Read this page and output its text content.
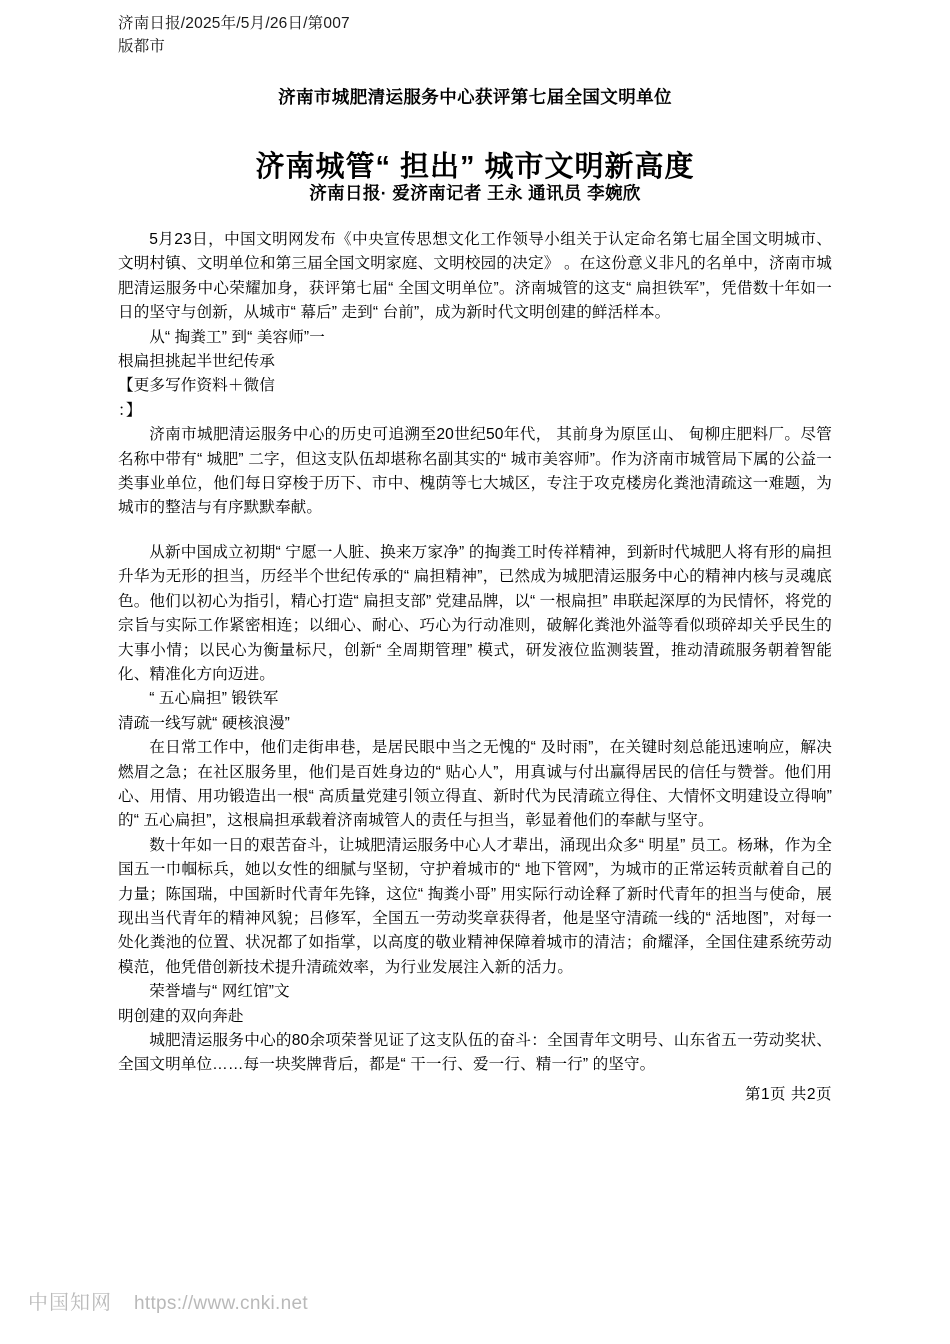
济南日报/2025年/5月/26日/第007
版都市
济南市城肥清运服务中心获评第七届全国文明单位
济南城管“ 担出” 城市文明新高度
济南日报· 爱济南记者 王永 通讯员 李婉欣

5月23日，中国文明网发布《中央宣传思想文化工作领导小组关于认定命名第七届全国文明城市、文明村镇、文明单位和第三届全国文明家庭、文明校园的决定》 。在这份意义非凡的名单中，济南市城肥清运服务中心荣耀加身，获评第七届“ 全国文明单位”。济南城管的这支“ 扁担铁军”，凭借数十年如一日的坚守与创新，从城市“ 幕后” 走到“ 台前”，成为新时代文明创建的鲜活样本。

从“ 掏粪工” 到“ 美容师”一

根扁担挑起半世纪传承

【更多写作资料＋微信

：】

济南市城肥清运服务中心的历史可追溯至20世纪50年代， 其前身为原匡山、 甸柳庄肥料厂。尽管名称中带有“ 城肥” 二字，但这支队伍却堪称名副其实的“ 城市美容师”。作为济南市城管局下属的公益一类事业单位，他们每日穿梭于历下、市中、槐荫等七大城区，专注于攻克楼房化粪池清疏这一难题，为城市的整洁与有序默默奉献。

从新中国成立初期“ 宁愿一人脏、换来万家净” 的掏粪工时传祥精神，到新时代城肥人将有形的扁担升华为无形的担当，历经半个世纪传承的“ 扁担精神”，已然成为城肥清运服务中心的精神内核与灵魂底色。他们以初心为指引，精心打造“ 扁担支部” 党建品牌，以“ 一根扁担” 串联起深厚的为民情怀，将党的宗旨与实际工作紧密相连；以细心、耐心、巧心为行动准则，破解化粪池外溢等看似琐碎却关乎民生的大事小情；以民心为衡量标尺，创新“ 全周期管理” 模式，研发液位监测装置，推动清疏服务朝着智能化、精准化方向迈进。

“ 五心扁担” 锻铁军

清疏一线写就“ 硬核浪漫”

在日常工作中，他们走街串巷，是居民眼中当之无愧的“ 及时雨”，在关键时刻总能迅速响应，解决燃眉之急；在社区服务里，他们是百姓身边的“ 贴心人”，用真诚与付出赢得居民的信任与赞誉。他们用心、用情、用功锻造出一根“ 高质量党建引领立得直、新时代为民清疏立得住、大情怀文明建设立得响” 的“ 五心扁担”，这根扁担承载着济南城管人的责任与担当，彰显着他们的奉献与坚守。

数十年如一日的艰苦奋斗，让城肥清运服务中心人才辈出，涌现出众多“ 明星” 员工。杨琳，作为全国五一巾帼标兵，她以女性的细腻与坚韧，守护着城市的“ 地下管网”，为城市的正常运转贡献着自己的力量；陈国瑞，中国新时代青年先锋，这位“ 掏粪小哥” 用实际行动诠释了新时代青年的担当与使命，展现出当代青年的精神风貌；吕修军，全国五一劳动奖章获得者，他是坚守清疏一线的“ 活地图”，对每一处化粪池的位置、状况都了如指掌，以高度的敬业精神保障着城市的清洁；俞耀泽，全国住建系统劳动模范，他凭借创新技术提升清疏效率，为行业发展注入新的活力。

荣誉墙与“ 网红馆”文

明创建的双向奔赴

城肥清运服务中心的80余项荣誉见证了这支队伍的奋斗：全国青年文明号、山东省五一劳动奖状、全国文明单位……每一块奖牌背后，都是“ 干一行、爱一行、精一行” 的坚守。

第1页 共2页
中国知网 https://www.cnki.net
